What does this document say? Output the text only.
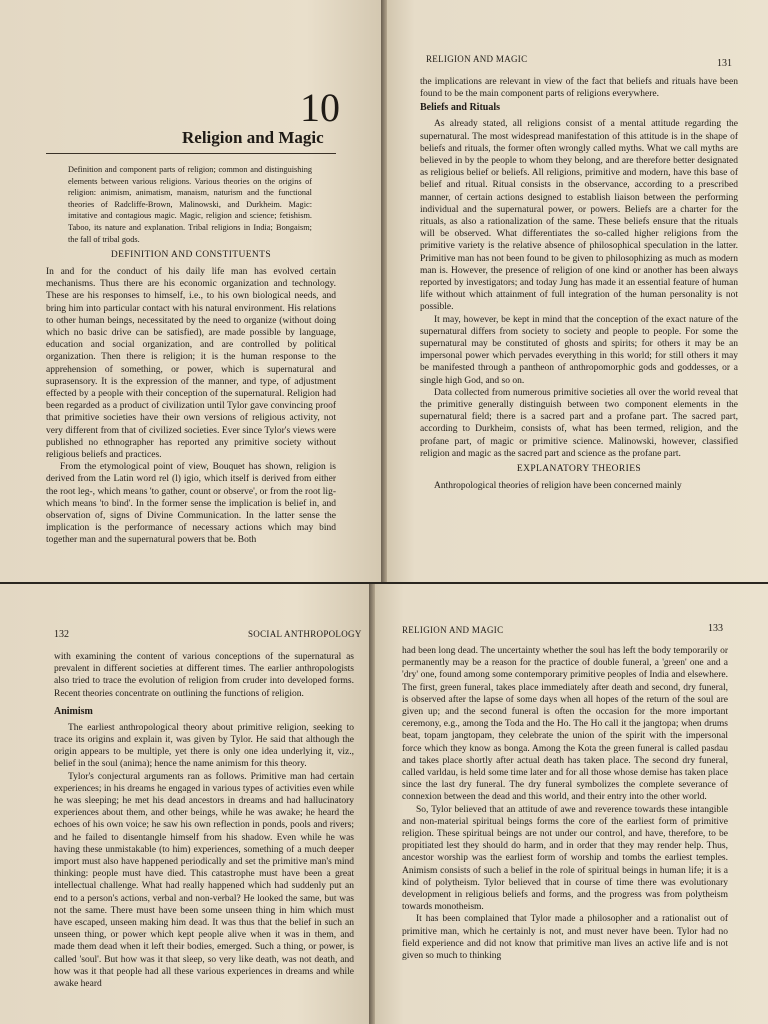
10
Religion and Magic
Definition and component parts of religion; common and distinguishing elements between various religions. Various theories on the origins of religion: animism, animatism, manaism, naturism and the functional theories of Radcliffe-Brown, Malinowski, and Durkheim. Magic: imitative and contagious magic. Magic, religion and science; fetishism. Taboo, its nature and explanation. Tribal religions in India; Bongaism; the fall of tribal gods.
DEFINITION AND CONSTITUENTS

In and for the conduct of his daily life man has evolved certain mechanisms. Thus there are his economic organization and technology. These are his responses to himself, i.e., to his own biological needs, and bring him into particular contact with his natural environment. His relations to other human beings, necessitated by the need to organize (without doing which no basic drive can be satisfied), are made possible by language, education and social organization, and are controlled by political organization. Then there is religion; it is the human response to the apprehension of something, or power, which is supernatural and suprasensory. It is the expression of the manner, and type, of adjustment effected by a people with their conception of the supernatural. Religion had been regarded as a product of civilization until Tylor gave convincing proof that primitive societies have their own versions of religious activity, not very different from that of civilized societies. Ever since Tylor's views were published no ethnographer has reported any primitive society without religious beliefs and practices.

From the etymological point of view, Bouquet has shown, religion is derived from the Latin word rel (l) igio, which itself is derived from either the root leg-, which means 'to gather, count or observe', or from the root lig- which means 'to bind'. In the former sense the implication is belief in, and observation of, signs of Divine Communication. In the latter sense the implication is the performance of necessary actions which may bind together man and the supernatural powers that be. Both

RELIGION AND MAGIC	131

the implications are relevant in view of the fact that beliefs and rituals have been found to be the main component parts of religions everywhere.

Beliefs and Rituals

As already stated, all religions consist of a mental attitude regarding the supernatural. The most widespread manifestation of this attitude is in the shape of beliefs and rituals, the former often wrongly called myths. What we call myths are believed in by the people to whom they belong, and are therefore better designated as religious belief or beliefs. All religions, primitive and modern, have this base of belief and ritual. Ritual consists in the observance, according to a prescribed manner, of certain actions designed to establish liaison between the performing individual and the supernatural power, or powers. Beliefs are a charter for the rituals, as also a rationalization of the same. These beliefs ensure that the rituals will be observed. What differentiates the so-called higher religions from the primitive variety is the relative absence of philosophical speculation in the latter. Primitive man has not been found to be given to philosophizing as much as modern man is. However, the presence of religion of one kind or another has been always reported by investigators; and today Jung has made it an essential feature of human life without which attainment of full integration of the human personality is not possible.

It may, however, be kept in mind that the conception of the exact nature of the supernatural differs from society to society and people to people. For some the supernatural may be constituted of ghosts and spirits; for others it may be an impersonal power which pervades everything in this world; for still others it may be manifested through a pantheon of anthropomorphic gods and goddesses, or a single high God, and so on.

Data collected from numerous primitive societies all over the world reveal that the primitive generally distinguish between two component elements in the supernatural field; there is a sacred part and a profane part. The sacred part, according to Durkheim, consists of, what has been termed, religion, and the profane part, of magic or primitive science. Malinowski, however, classified religion and magic as the sacred part and science as the profane part.

EXPLANATORY THEORIES

Anthropological theories of religion have been concerned mainly

132	SOCIAL ANTHROPOLOGY

with examining the content of various conceptions of the supernatural as prevalent in different societies at different times. The earlier anthropologists also tried to trace the evolution of religion from cruder into developed forms. Recent theories concentrate on outlining the functions of religion.

Animism

The earliest anthropological theory about primitive religion, seeking to trace its origins and explain it, was given by Tylor. He said that although the origin appears to be multiple, yet there is only one idea underlying it, viz., belief in the soul (anima); hence the name animism for this theory.

Tylor's conjectural arguments ran as follows. Primitive man had certain experiences; in his dreams he engaged in various types of activities even while he was sleeping; he met his dead ancestors in dreams and had hallucinatory experiences about them, and other beings, while he was awake; he heard the echoes of his own voice; he saw his own reflection in ponds, pools and rivers; and he failed to disentangle himself from his shadow. Even while he was having these unmistakable (to him) experiences, something of a much deeper import must also have happened periodically and set the primitive man's mind thinking: people must have died. This catastrophe must have been a great intellectual challenge. What had really happened which had suddenly put an end to a person's actions, verbal and non-verbal? He looked the same, but was not the same. There must have been some unseen thing in him which must have escaped, unseen making him dead. It was thus that the belief in such an unseen thing, or power which kept people alive when it was in them, and made them dead when it left their bodies, emerged. Such a thing, or power, is called 'soul'. But how was it that sleep, so very like death, was not death, and how was it that people had all these various experiences in dreams and while awake heard

RELIGION AND MAGIC	133

had been long dead. The uncertainty whether the soul has left the body temporarily or permanently may be a reason for the practice of double funeral, a 'green' one and a 'dry' one, found among some contemporary primitive peoples of India and elsewhere. The first, green funeral, takes place immediately after death and second, dry funeral, is observed after the lapse of some days when all hopes of the return of the soul are given up; and the second funeral is often the occasion for the more important ceremony, e.g., among the Toda and the Ho. The Ho call it the jangtopa; when drums beat, topam jangtopam, they celebrate the union of the spirit with the impersonal force which they know as bonga. Among the Kota the green funeral is called pasdau and takes place shortly after actual death has taken place. The second dry funeral, called varldau, is held some time later and for all those whose demise has taken place since the last dry funeral. The dry funeral symbolizes the complete severance of connexion between the dead and this world, and their entry into the other world.

So, Tylor believed that an attitude of awe and reverence towards these intangible and non-material spiritual beings forms the core of the earliest form of primitive religion. These spiritual beings are not under our control, and have, therefore, to be propitiated lest they should do harm, and in order that they may render help. Thus, ancestor worship was the earliest form of worship and tombs the earliest temples. Animism consists of such a belief in the role of spiritual beings in human life; it is a kind of polytheism. Tylor believed that in course of time there was evolutionary development in religious beliefs and forms, and the progress was from polytheism towards monotheism.

It has been complained that Tylor made a philosopher and a rationalist out of primitive man, which he certainly is not, and must never have been. Tylor had no field experience and did not know that primitive man lives an active life and is not given so much to thinking
